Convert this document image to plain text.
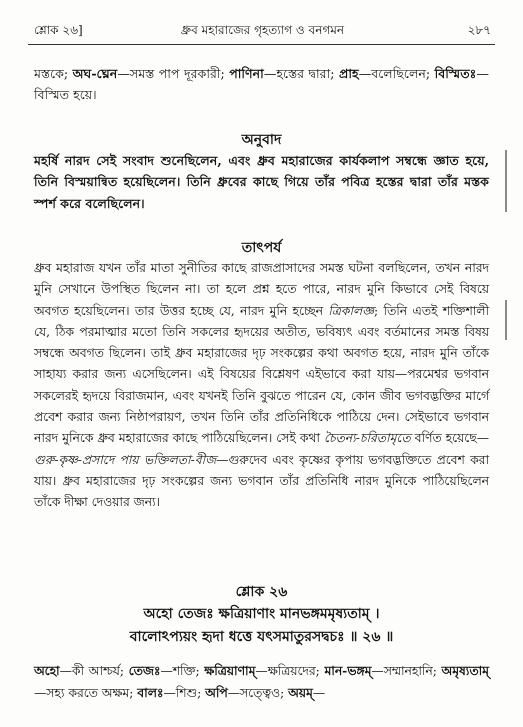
শ্লোক ২৬]	ধ্রুব মহারাজের গৃহত্যাগ ও বনগমন	২৮৭

মস্তকে; অঘ-ঘ্নেন—সমস্ত পাপ দূরকারী; পাণিনা—হস্তের দ্বারা; প্রাহ—বলেছিলেন; বিস্মিতঃ—বিস্মিত হয়ে।

অনুবাদ

মহর্ষি নারদ সেই সংবাদ শুনেছিলেন, এবং ধ্রুব মহারাজের কার্যকলাপ সম্বন্ধে জ্ঞাত হয়ে, তিনি বিস্ময়ান্বিত হয়েছিলেন। তিনি ধ্রুবের কাছে গিয়ে তাঁর পবিত্র হস্তের দ্বারা তাঁর মস্তক স্পর্শ করে বলেছিলেন।

তাৎপর্য

ধ্রুব মহারাজ যখন তাঁর মাতা সুনীতির কাছে রাজপ্রাসাদের সমস্ত ঘটনা বলছিলেন, তখন নারদ মুনি সেখানে উপস্থিত ছিলেন না। তা হলে প্রশ্ন হতে পারে, নারদ মুনি কিভাবে সেই বিষয়ে অবগত হয়েছিলেন। তার উত্তর হচ্ছে যে, নারদ মুনি হচ্ছেন ত্রিকালজ্ঞ; তিনি এতই শক্তিশালী যে, ঠিক পরমাত্মার মতো তিনি সকলের হৃদয়ের অতীত, ভবিষ্যৎ এবং বর্তমানের সমস্ত বিষয় সম্বন্ধে অবগত ছিলেন। তাই ধ্রুব মহারাজের দৃঢ় সংকল্পের কথা অবগত হয়ে, নারদ মুনি তাঁকে সাহায্য করার জন্য এসেছিলেন। এই বিষয়ের বিশ্লেষণ এইভাবে করা যায়—পরমেশ্বর ভগবান সকলেরই হৃদয়ে বিরাজমান, এবং যখনই তিনি বুঝতে পারেন যে, কোন জীব ভগবদ্ভক্তির মার্গে প্রবেশ করার জন্য নিষ্ঠাপরায়ণ, তখন তিনি তাঁর প্রতিনিধিকে পাঠিয়ে দেন। সেইভাবে ভগবান নারদ মুনিকে ধ্রুব মহারাজের কাছে পাঠিয়েছিলেন। সেই কথা চৈতন্য-চরিতামৃতে বর্ণিত হয়েছে—গুরু-কৃষ্ণ-প্রসাদে পায় ভক্তিলতা-বীজ—গুরুদেব এবং কৃষ্ণের কৃপায় ভগবদ্ভক্তিতে প্রবেশ করা যায়। ধ্রুব মহারাজের দৃঢ় সংকল্পের জন্য ভগবান তাঁর প্রতিনিধি নারদ মুনিকে পাঠিয়েছিলেন তাঁকে দীক্ষা দেওয়ার জন্য।

শ্লোক ২৬

অহো তেজঃ ক্ষত্রিয়াণাং মানভঙ্গমমৃষ্যতাম্ ।

বালোঽপ্যয়ং হৃদা ধত্তে যৎসমাতুরসদ্বচঃ ॥ ২৬ ॥

অহো—কী আশ্চর্য; তেজঃ—শক্তি; ক্ষত্রিয়াণাম্—ক্ষত্রিয়দের; মান-ভঙ্গম্—সম্মানহানি; অমৃষ্যতাম্—সহ্য করতে অক্ষম; বালঃ—শিশু; অপি—সত্ত্বেও; অয়ম্—
